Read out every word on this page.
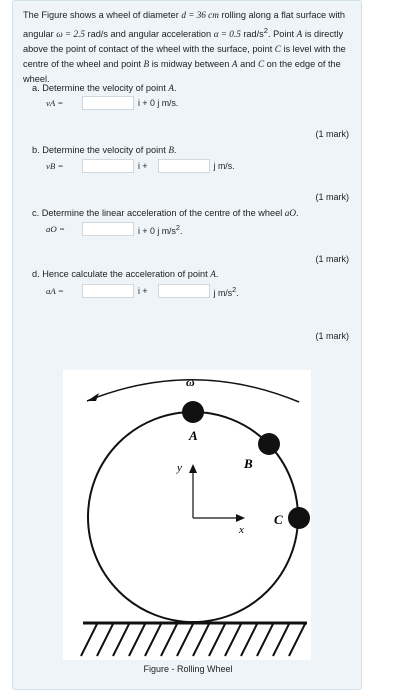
The Figure shows a wheel of diameter d = 36 cm rolling along a flat surface with angular ω = 2.5 rad/s and angular acceleration α = 0.5 rad/$s^2$. Point A is directly above the point of contact of the wheel with the surface, point C is level with the centre of the wheel and point B is midway between A and C on the edge of the wheel.
a. Determine the velocity of point A.
vA =	i + 0 j m/s.
(1 mark)
b. Determine the velocity of point B.
vB =	i +	j m/s.
(1 mark)
c. Determine the linear acceleration of the centre of the wheel aO.
aO =	i + 0 j $m/s^2$.
(1 mark)
d. Hence calculate the acceleration of point A.
aA =	i +	j $m/s^2$.
(1 mark)
ω
A
B
C
y
x
Figure - Rolling Wheel
